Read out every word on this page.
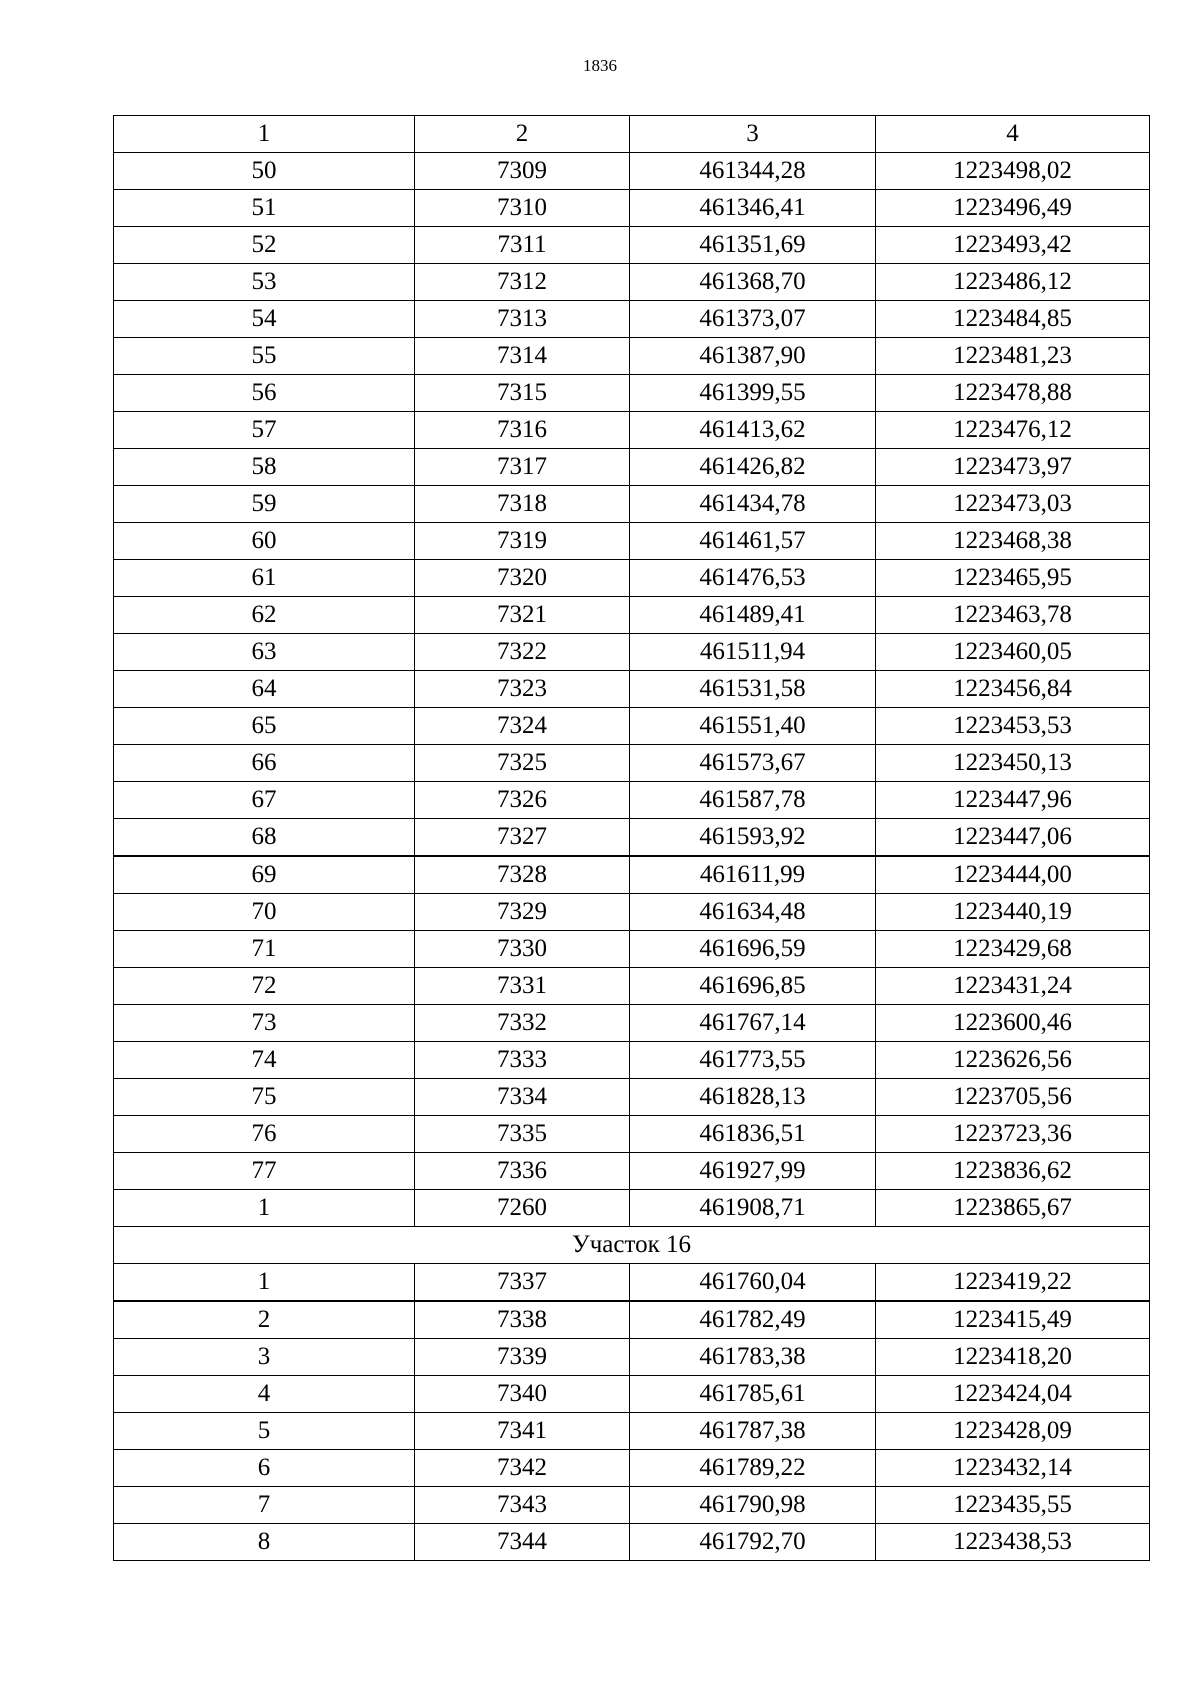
1836
1	2	3	4
50	7309	461344,28	1223498,02
51	7310	461346,41	1223496,49
52	7311	461351,69	1223493,42
53	7312	461368,70	1223486,12
54	7313	461373,07	1223484,85
55	7314	461387,90	1223481,23
56	7315	461399,55	1223478,88
57	7316	461413,62	1223476,12
58	7317	461426,82	1223473,97
59	7318	461434,78	1223473,03
60	7319	461461,57	1223468,38
61	7320	461476,53	1223465,95
62	7321	461489,41	1223463,78
63	7322	461511,94	1223460,05
64	7323	461531,58	1223456,84
65	7324	461551,40	1223453,53
66	7325	461573,67	1223450,13
67	7326	461587,78	1223447,96
68	7327	461593,92	1223447,06
69	7328	461611,99	1223444,00
70	7329	461634,48	1223440,19
71	7330	461696,59	1223429,68
72	7331	461696,85	1223431,24
73	7332	461767,14	1223600,46
74	7333	461773,55	1223626,56
75	7334	461828,13	1223705,56
76	7335	461836,51	1223723,36
77	7336	461927,99	1223836,62
1	7260	461908,71	1223865,67
Участок 16			
1	7337	461760,04	1223419,22
2	7338	461782,49	1223415,49
3	7339	461783,38	1223418,20
4	7340	461785,61	1223424,04
5	7341	461787,38	1223428,09
6	7342	461789,22	1223432,14
7	7343	461790,98	1223435,55
8	7344	461792,70	1223438,53
